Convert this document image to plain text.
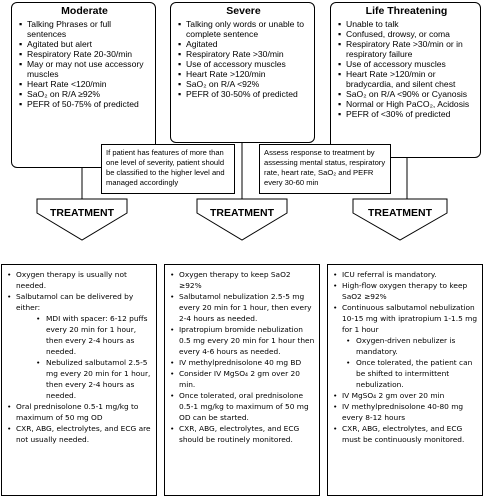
Moderate
▪ Talking Phrases or full sentences
▪ Agitated but alert
▪ Respiratory Rate 20-30/min
▪ May or may not use accessory muscles
▪ Heart Rate <120/min
▪ SaO₂ on R/A ≥92%
▪ PEFR of 50-75% of predicted
Severe
▪ Talking only words or unable to complete sentence
▪ Agitated
▪ Respiratory Rate >30/min
▪ Use of accessory muscles
▪ Heart Rate >120/min
▪ SaO₂ on R/A <92%
▪ PEFR of 30-50% of predicted
Life Threatening
▪ Unable to talk
▪ Confused, drowsy, or coma
▪ Respiratory Rate >30/min or in respiratory failure
▪ Use of accessory muscles
▪ Heart Rate >120/min or bradycardia, and silent chest
▪ SaO₂ on R/A <90% or Cyanosis
▪ Normal or High PaCO₂, Acidosis
▪ PEFR of <30% of predicted
If patient has features of more than one level of severity, patient should be classified to the higher level and managed accordingly
Assess response to treatment by assessing mental status, respiratory rate, heart rate, SaO₂ and PEFR every 30-60 min
TREATMENT	TREATMENT	TREATMENT
• Oxygen therapy is usually not needed.
• Salbutamol can be delivered by either:
• MDI with spacer: 6-12 puffs every 20 min for 1 hour, then every 2-4 hours as needed.
• Nebulized salbutamol 2.5-5 mg every 20 min for 1 hour, then every 2-4 hours as needed.
• Oral prednisolone 0.5-1 mg/kg to maximum of 50 mg OD
• CXR, ABG, electrolytes, and ECG are not usually needed.
• Oxygen therapy to keep SaO2 ≥92%
• Salbutamol nebulization 2.5-5 mg every 20 min for 1 hour, then every 2-4 hours as needed.
• Ipratropium bromide nebulization 0.5 mg every 20 min for 1 hour then every 4-6 hours as needed.
• IV methylprednisolone 40 mg BD
• Consider IV MgSO₄ 2 gm over 20 min.
• Once tolerated, oral prednisolone 0.5-1 mg/kg to maximum of 50 mg OD can be started.
• CXR, ABG, electrolytes, and ECG should be routinely monitored.
• ICU referral is mandatory.
• High-flow oxygen therapy to keep SaO2 ≥92%
• Continuous salbutamol nebulization 10-15 mg with ipratropium 1-1.5 mg for 1 hour
• Oxygen-driven nebulizer is mandatory.
• Once tolerated, the patient can be shifted to intermittent nebulization.
• IV MgSO₄ 2 gm over 20 min
• IV methylprednisolone 40-80 mg every 8-12 hours
• CXR, ABG, electrolytes, and ECG must be continuously monitored.
